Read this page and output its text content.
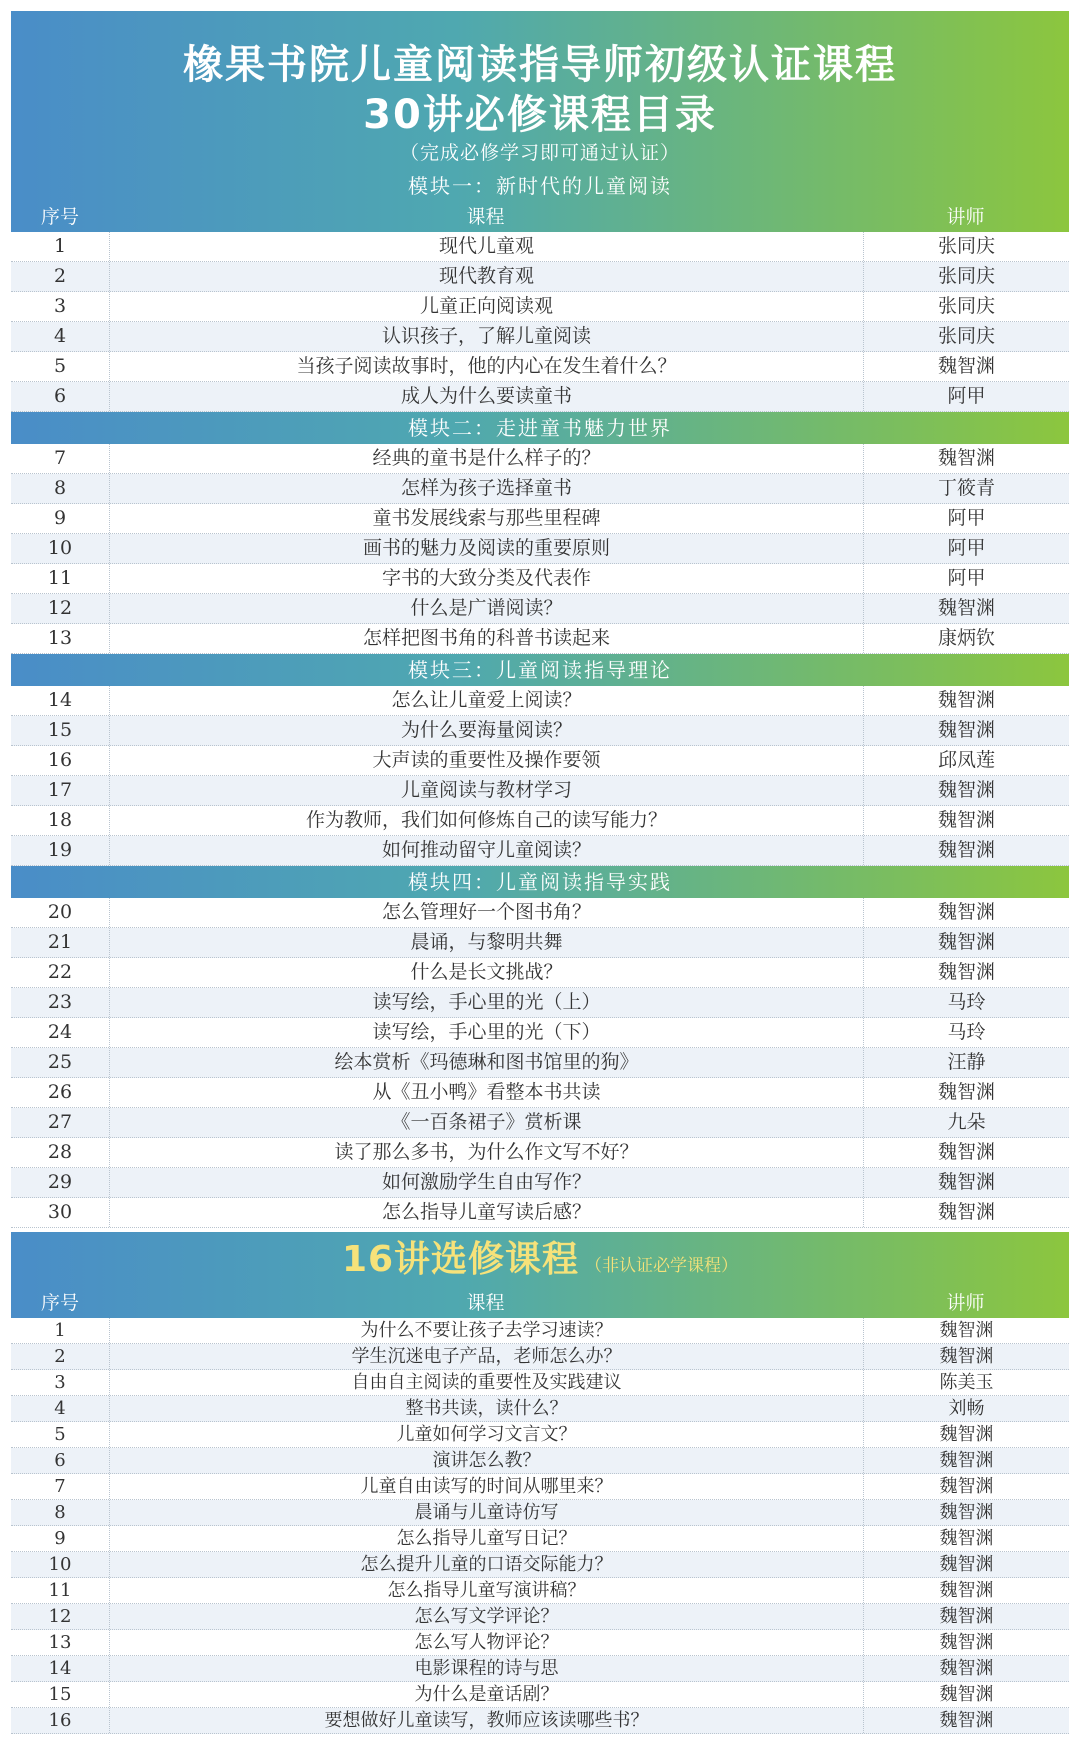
橡果书院儿童阅读指导师初级认证课程
30讲必修课程目录
（完成必修学习即可通过认证）
模块一：新时代的儿童阅读
序号	课程	讲师
1	现代儿童观	张同庆
2	现代教育观	张同庆
3	儿童正向阅读观	张同庆
4	认识孩子，了解儿童阅读	张同庆
5	当孩子阅读故事时，他的内心在发生着什么？	魏智渊
6	成人为什么要读童书	阿甲
模块二：走进童书魅力世界
7	经典的童书是什么样子的？	魏智渊
8	怎样为孩子选择童书	丁筱青
9	童书发展线索与那些里程碑	阿甲
10	画书的魅力及阅读的重要原则	阿甲
11	字书的大致分类及代表作	阿甲
12	什么是广谱阅读？	魏智渊
13	怎样把图书角的科普书读起来	康炳钦
模块三：儿童阅读指导理论
14	怎么让儿童爱上阅读？	魏智渊
15	为什么要海量阅读？	魏智渊
16	大声读的重要性及操作要领	邱凤莲
17	儿童阅读与教材学习	魏智渊
18	作为教师，我们如何修炼自己的读写能力？	魏智渊
19	如何推动留守儿童阅读？	魏智渊
模块四：儿童阅读指导实践
20	怎么管理好一个图书角？	魏智渊
21	晨诵，与黎明共舞	魏智渊
22	什么是长文挑战？	魏智渊
23	读写绘，手心里的光（上）	马玲
24	读写绘，手心里的光（下）	马玲
25	绘本赏析《玛德琳和图书馆里的狗》	汪静
26	从《丑小鸭》看整本书共读	魏智渊
27	《一百条裙子》赏析课	九朵
28	读了那么多书，为什么作文写不好？	魏智渊
29	如何激励学生自由写作？	魏智渊
30	怎么指导儿童写读后感？	魏智渊
16讲选修课程 （非认证必学课程）
序号	课程	讲师
1	为什么不要让孩子去学习速读？	魏智渊
2	学生沉迷电子产品，老师怎么办？	魏智渊
3	自由自主阅读的重要性及实践建议	陈美玉
4	整书共读，读什么？	刘畅
5	儿童如何学习文言文？	魏智渊
6	演讲怎么教？	魏智渊
7	儿童自由读写的时间从哪里来？	魏智渊
8	晨诵与儿童诗仿写	魏智渊
9	怎么指导儿童写日记？	魏智渊
10	怎么提升儿童的口语交际能力？	魏智渊
11	怎么指导儿童写演讲稿？	魏智渊
12	怎么写文学评论？	魏智渊
13	怎么写人物评论？	魏智渊
14	电影课程的诗与思	魏智渊
15	为什么是童话剧？	魏智渊
16	要想做好儿童读写，教师应该读哪些书？	魏智渊
